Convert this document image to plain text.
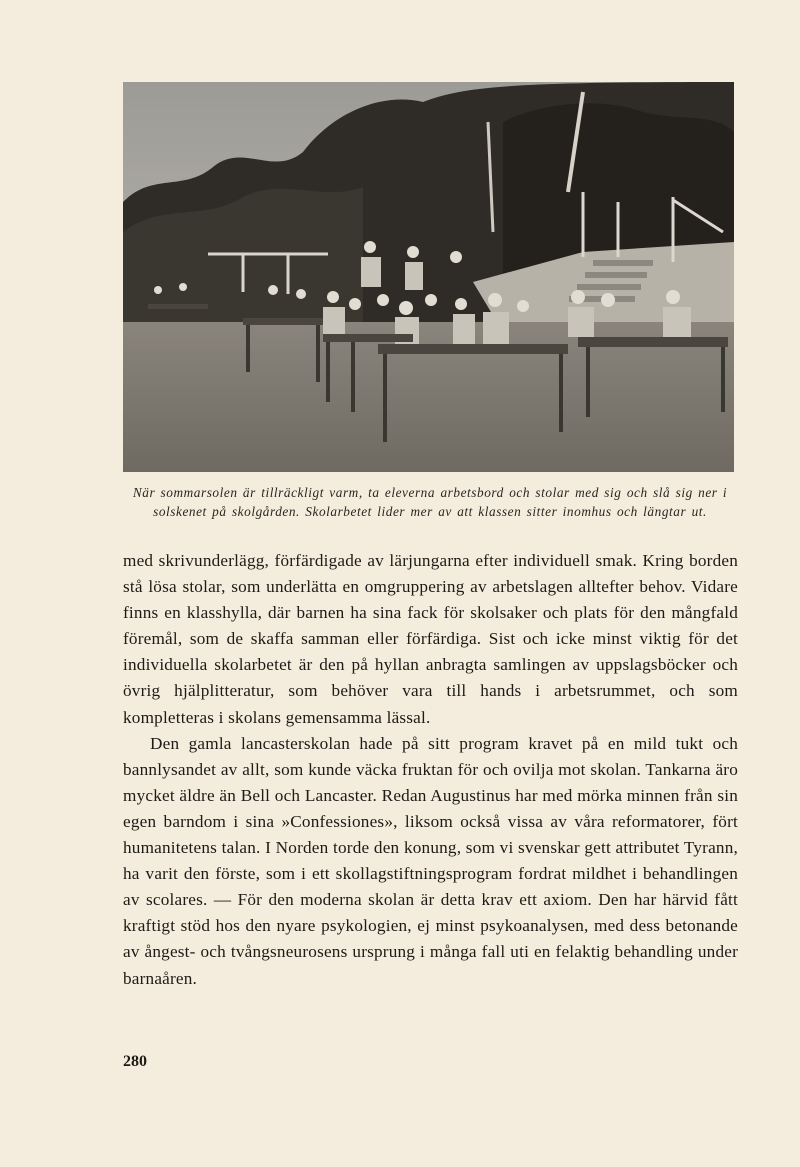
När sommarsolen är tillräckligt varm, ta eleverna arbetsbord och stolar med sig och slå sig ner i solskenet på skolgården. Skolarbetet lider mer av att klassen sitter inomhus och längtar ut.

med skrivunderlägg, förfärdigade av lärjungarna efter individuell smak. Kring borden stå lösa stolar, som underlätta en omgruppering av arbetslagen alltefter behov. Vidare finns en klasshylla, där barnen ha sina fack för skolsaker och plats för den mångfald föremål, som de skaffa samman eller förfärdiga. Sist och icke minst viktig för det individuella skolarbetet är den på hyllan anbragta samlingen av uppslagsböcker och övrig hjälplitteratur, som behöver vara till hands i arbetsrummet, och som kompletteras i skolans gemensamma lässal.

Den gamla lancasterskolan hade på sitt program kravet på en mild tukt och bannlysandet av allt, som kunde väcka fruktan för och ovilja mot skolan. Tankarna äro mycket äldre än Bell och Lancaster. Redan Augustinus har med mörka minnen från sin egen barndom i sina »Confessiones», liksom också vissa av våra reformatorer, fört humanitetens talan. I Norden torde den konung, som vi svenskar gett attributet Tyrann, ha varit den förste, som i ett skollagstiftningsprogram fordrat mildhet i behandlingen av scolares. — För den moderna skolan är detta krav ett axiom. Den har härvid fått kraftigt stöd hos den nyare psykologien, ej minst psykoanalysen, med dess betonande av ångest- och tvångsneurosens ursprung i många fall uti en felaktig behandling under barnaåren.

280
